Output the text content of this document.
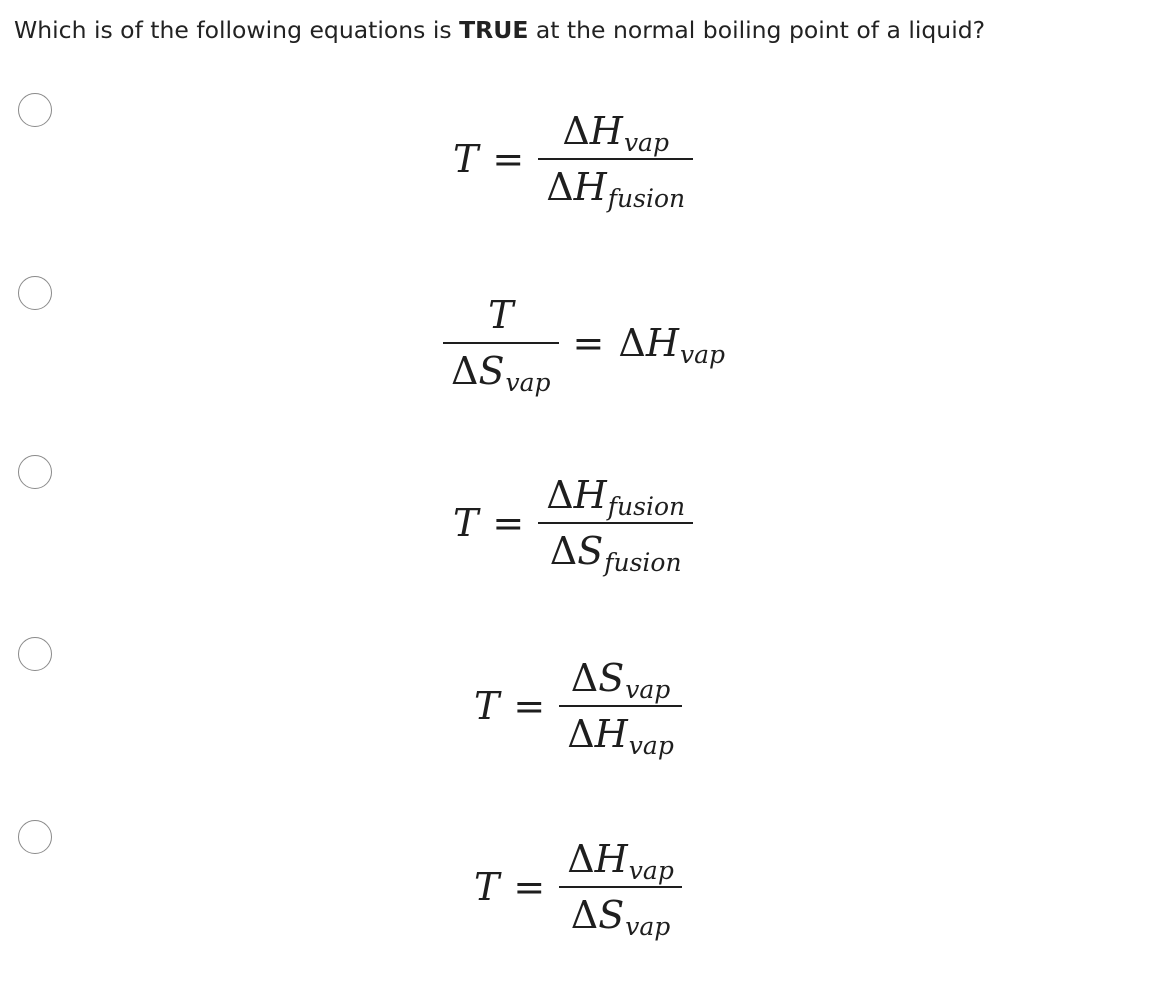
Which is of the following equations is TRUE at the normal boiling point of a liquid?
$T = \frac{\text{Δ H vap}}{\text{Δ H fusion}}$
$\frac{T}{\text{Δ S vap}} = \Delta$ H vap
$T = \frac{\text{Δ H fusion}}{\text{Δ S fusion}}$
$T = \frac{\text{Δ S vap}}{\text{Δ H vap}}$
$T = \frac{\text{Δ H vap}}{\text{Δ S vap}}$
